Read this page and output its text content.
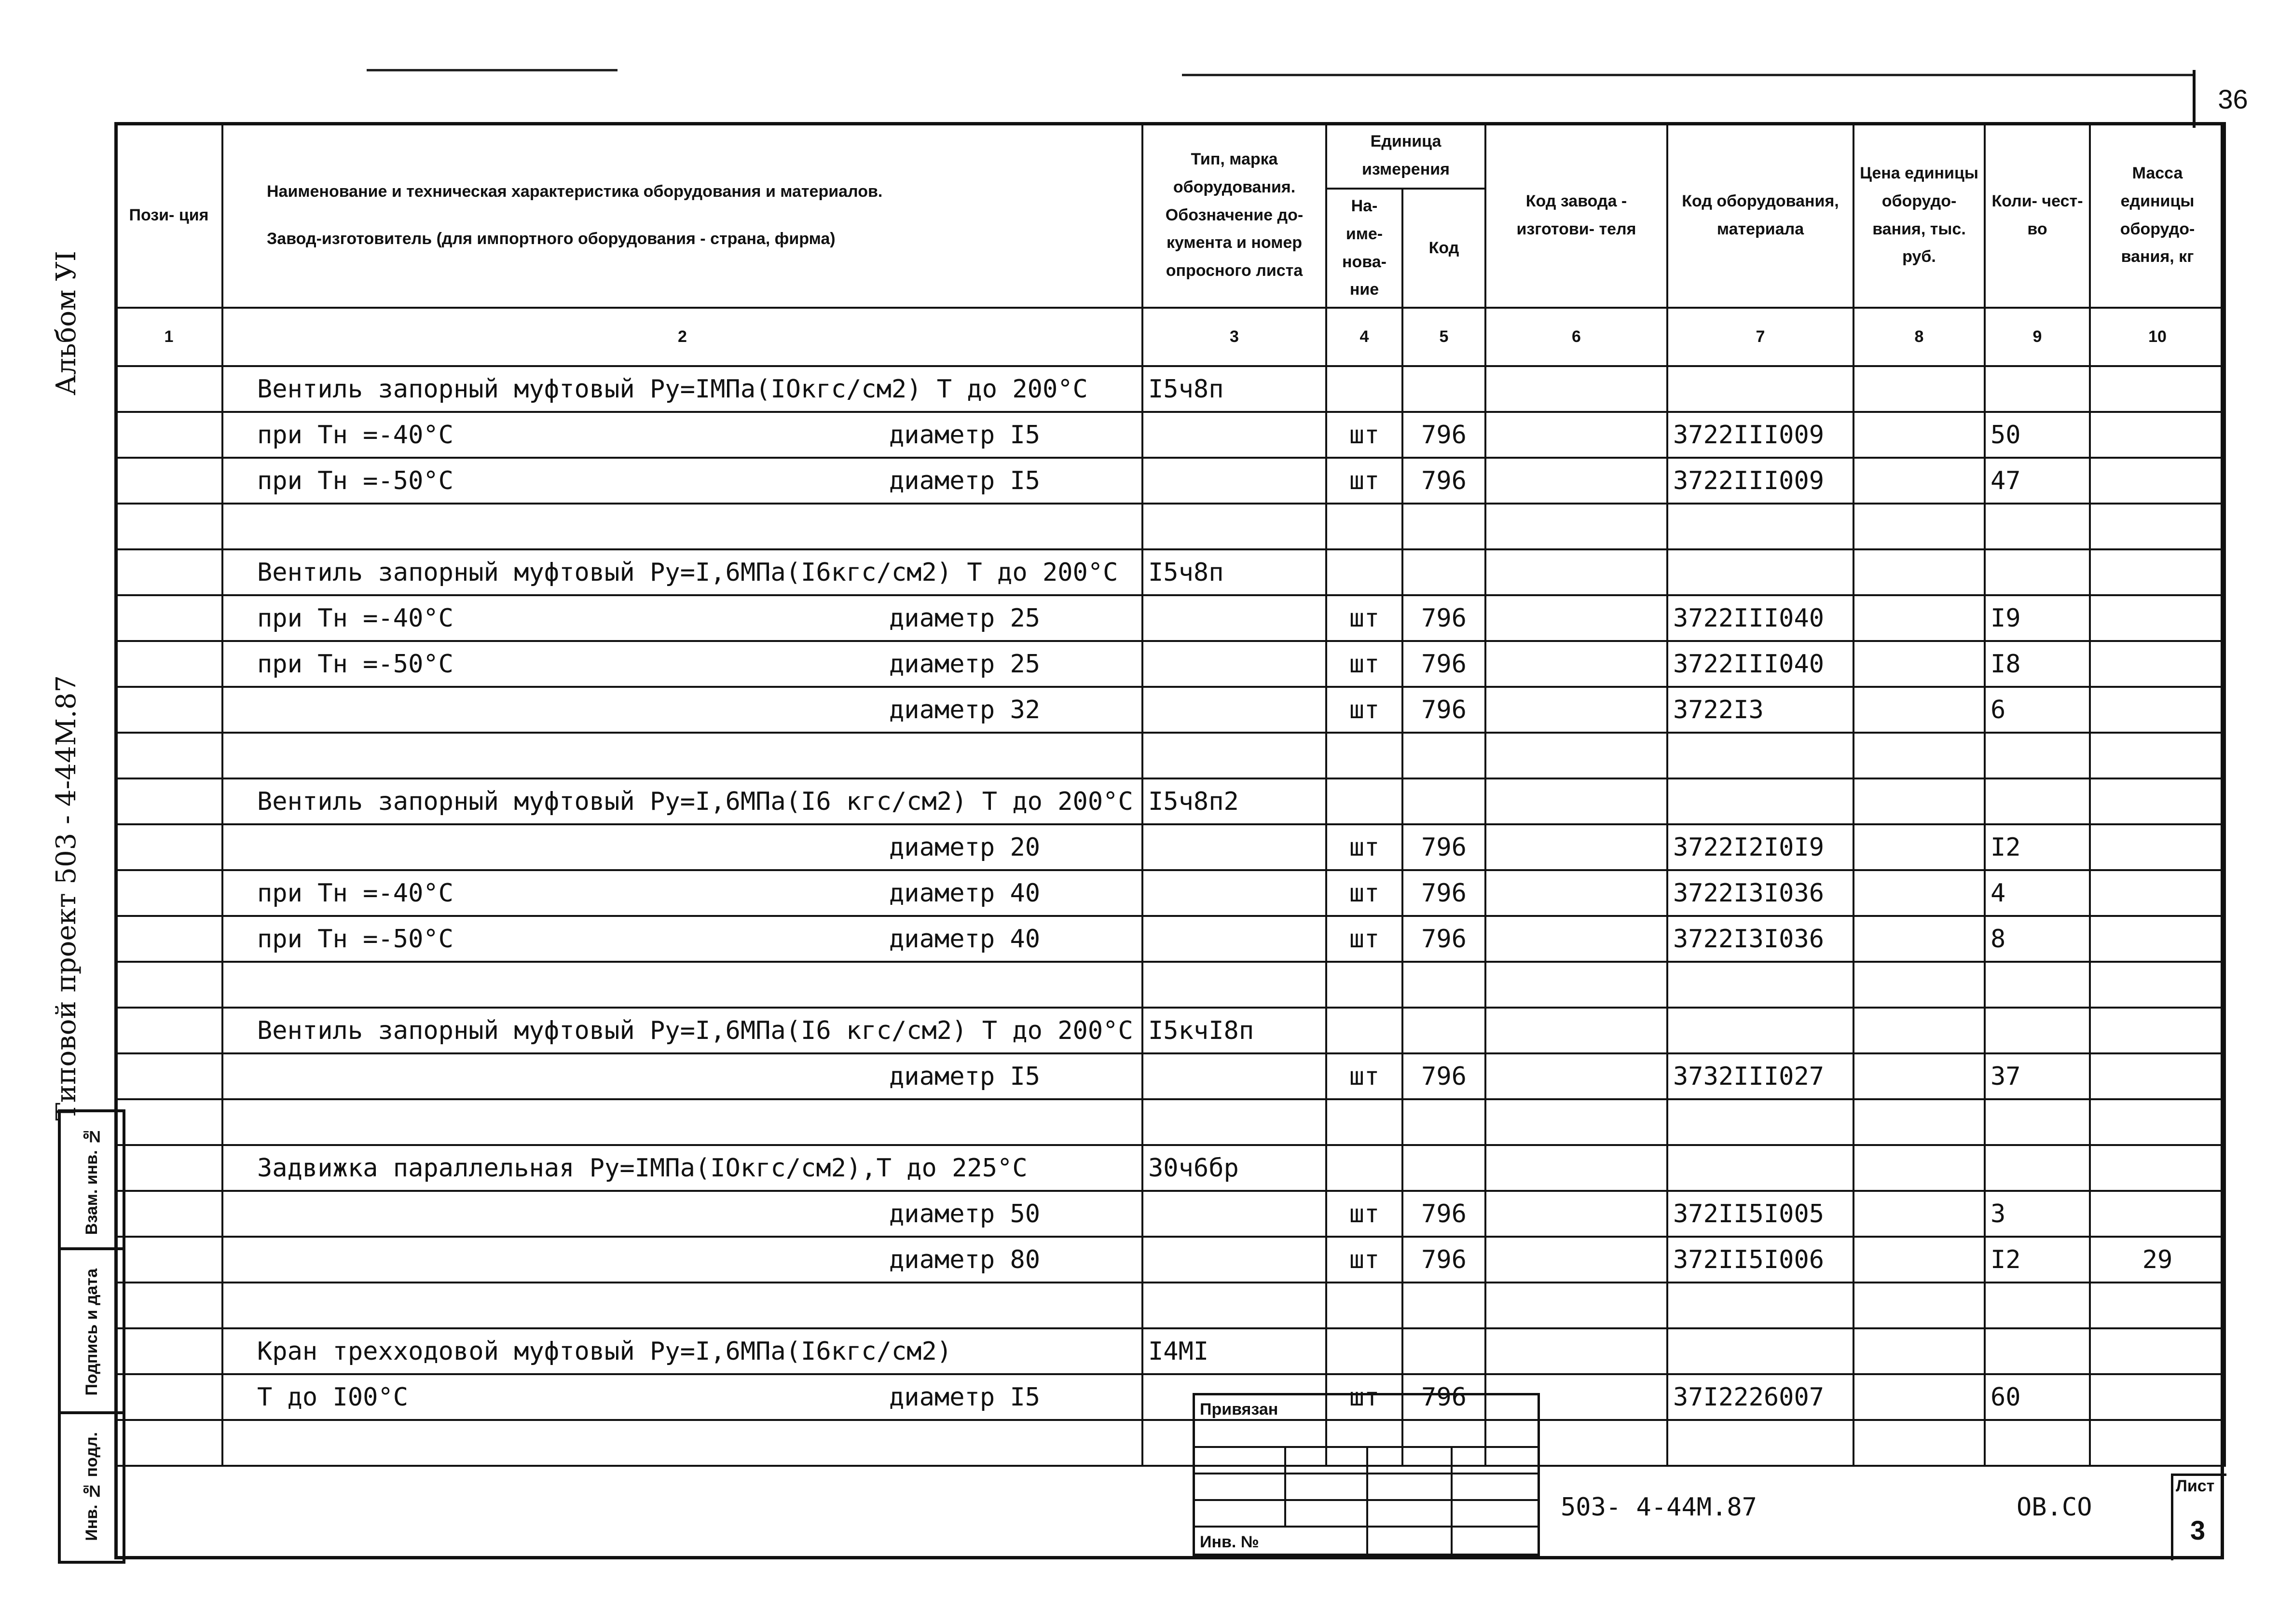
36
Альбом УI
Типовой проект 503 - 4-44М.87
Инв. № подл.
Подпись и дата
Взам. инв. №
Пози- ция	Наименование и техническая характеристика оборудования и материалов.
Завод-изготовитель (для импортного оборудования - страна, фирма)	Тип, марка оборудования. Обозначение до- кумента и номер опросного листа	Единица измерения		Код завода - изготови- теля	Код оборудования, материала	Цена единицы оборудо- вания, тыс. руб.	Коли- чест- во	Масса единицы оборудо- вания, кг
			На- име- нова- ние	Код					
1	2	3	4	5	6	7	8	9	10

	Вентиль запорный муфтовый Ру=IМПа(IОкгс/см2) Т до 200°С	I5ч8п							

	при Тн =-40°С диаметр I5		шт	796		3722III009		50	

	при Тн =-50°С диаметр I5		шт	796		3722III009		47	

	Вентиль запорный муфтовый Ру=I,6МПа(I6кгс/см2) Т до 200°С	I5ч8п							

	при Тн =-40°С диаметр 25		шт	796		3722III040		I9	

	при Тн =-50°С диаметр 25		шт	796		3722III040		I8	

	диаметр 32		шт	796		3722I3		6	

	Вентиль запорный муфтовый Ру=I,6МПа(I6 кгс/см2) Т до 200°С	I5ч8п2							

	диаметр 20		шт	796		3722I2I0I9		I2	

	при Тн =-40°С диаметр 40		шт	796		3722I3I036		4	

	при Тн =-50°С диаметр 40		шт	796		3722I3I036		8	

	Вентиль запорный муфтовый Ру=I,6МПа(I6 кгс/см2) Т до 200°С	I5кчI8п							

	диаметр I5		шт	796		3732III027		37	

	Задвижка параллельная Ру=IМПа(IОкгс/см2),Т до 225°С	30ч6бр							

	диаметр 50		шт	796		372II5I005		3	

	диаметр 80		шт	796		372II5I006		I2	29

	Кран трехходовой муфтовый Ру=I,6МПа(I6кгс/см2)	I4МI							

	Т до I00°С диаметр I5		шт	796		37I2226007		60	

Привязан
Инв. №
503- 4-44М.87	ОВ.СО
Лист
3
